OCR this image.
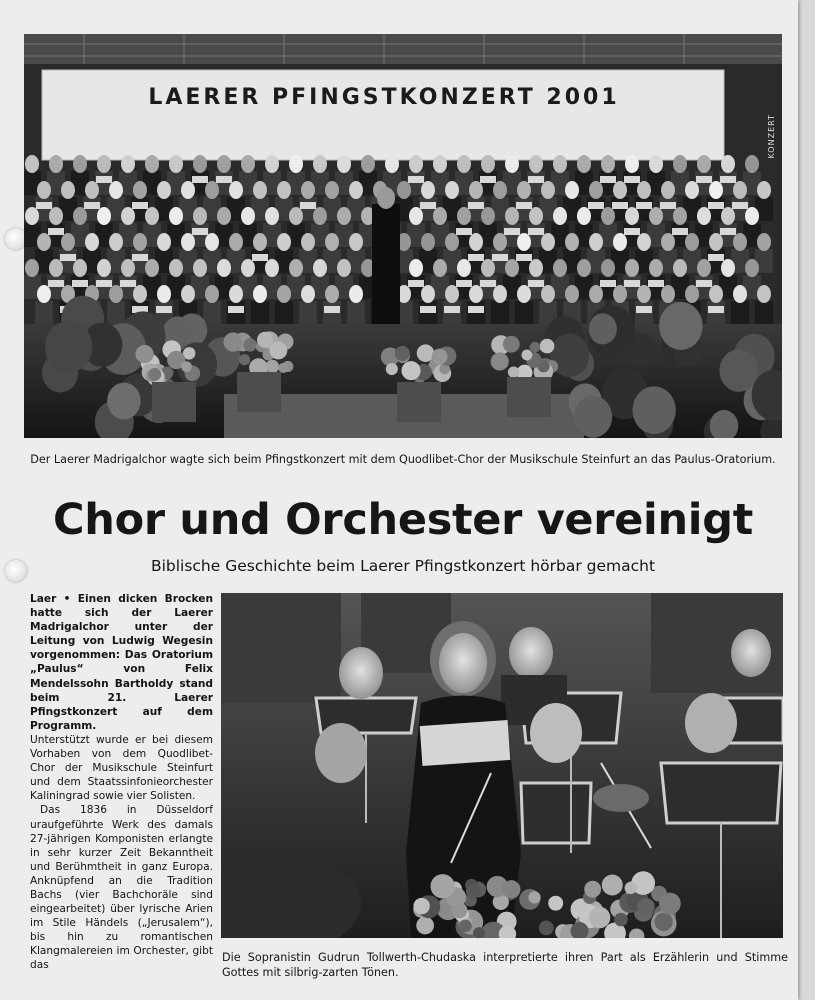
LAERER PFINGSTKONZERT 2001
KONZERT
Der Laerer Madrigalchor wagte sich beim Pfingstkonzert mit dem Quodlibet-Chor der Musikschule Steinfurt an das Paulus-Oratorium.
Chor und Orchester vereinigt
Biblische Geschichte beim Laerer Pfingstkonzert hörbar gemacht

Laer • Einen dicken Brocken hatte sich der Laerer Madrigalchor unter der Leitung von Ludwig Wegesin vorgenommen: Das Oratorium „Paulus“ von Felix Mendelssohn Bartholdy stand beim 21. Laerer Pfingstkonzert auf dem Programm.

Unterstützt wurde er bei diesem Vorhaben von dem Quodlibet-Chor der Musikschule Steinfurt und dem Staatssinfonieorchester Kaliningrad sowie vier Solisten.

Das 1836 in Düsseldorf uraufgeführte Werk des damals 27-jährigen Komponisten erlangte in sehr kurzer Zeit Bekanntheit und Berühmtheit in ganz Europa. Anknüpfend an die Tradition Bachs (vier Bachchoräle sind eingearbeitet) über lyrische Arien im Stile Händels („Jerusalem“), bis hin zu romantischen Klangmalereien im Orchester, gibt das

Die Sopranistin Gudrun Tollwerth-Chudaska interpretierte ihren Part als Erzählerin und Stimme Gottes mit silbrig-zarten Tönen.
